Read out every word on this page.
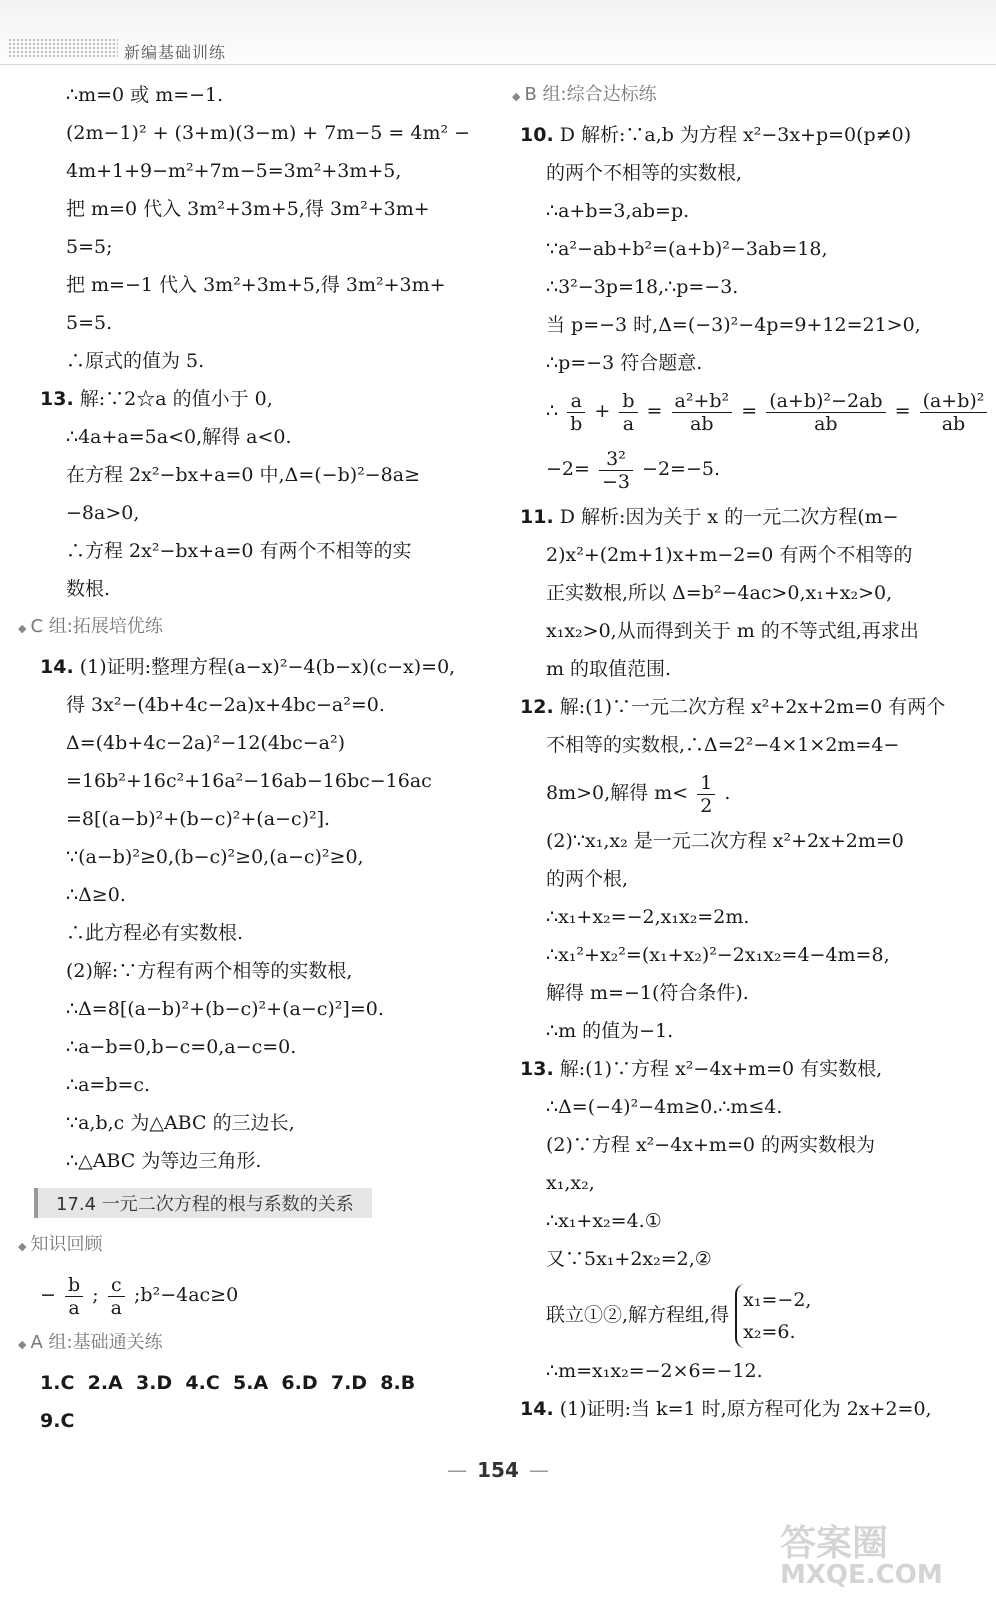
新编基础训练
∴m=0 或 m=−1.
(2m−1)² + (3+m)(3−m) + 7m−5 = 4m² −
4m+1+9−m²+7m−5=3m²+3m+5,
把 m=0 代入 3m²+3m+5,得 3m²+3m+
5=5;
把 m=−1 代入 3m²+3m+5,得 3m²+3m+
5=5.
∴原式的值为 5.
13. 解:∵2☆a 的值小于 0,
∴4a+a=5a<0,解得 a<0.
在方程 2x²−bx+a=0 中,Δ=(−b)²−8a≥
−8a>0,
∴方程 2x²−bx+a=0 有两个不相等的实
数根.
◆ C 组:拓展培优练
14. (1)证明:整理方程(a−x)²−4(b−x)(c−x)=0,
得 3x²−(4b+4c−2a)x+4bc−a²=0.
Δ=(4b+4c−2a)²−12(4bc−a²)
=16b²+16c²+16a²−16ab−16bc−16ac
=8[(a−b)²+(b−c)²+(a−c)²].
∵(a−b)²≥0,(b−c)²≥0,(a−c)²≥0,
∴Δ≥0.
∴此方程必有实数根.
(2)解:∵方程有两个相等的实数根,
∴Δ=8[(a−b)²+(b−c)²+(a−c)²]=0.
∴a−b=0,b−c=0,a−c=0.
∴a=b=c.
∵a,b,c 为△ABC 的三边长,
∴△ABC 为等边三角形.
17.4 一元二次方程的根与系数的关系
◆ 知识回顾
− $\frac{b}{a}$ ; $\frac{c}{a}$ ;b²−4ac≥0
◆ A 组:基础通关练
1.C  2.A  3.D  4.C  5.A  6.D  7.D  8.B
9.C
◆ B 组:综合达标练
10. D 解析:∵a,b 为方程 x²−3x+p=0(p≠0)
的两个不相等的实数根,
∴a+b=3,ab=p.
∵a²−ab+b²=(a+b)²−3ab=18,
∴3²−3p=18,∴p=−3.
当 p=−3 时,Δ=(−3)²−4p=9+12=21>0,
∴p=−3 符合题意.
∴ $\frac{a}{b} + \frac{b}{a} = \frac{\text{a²+b²}}{ab} = \frac{\text{(a+b)²−2ab}}{ab} = \frac{\text{(a+b)²}}{ab}$
$-2= \frac{\text{3²}}{-3} -2=-5$.
11. D 解析:因为关于 x 的一元二次方程(m−
2)x²+(2m+1)x+m−2=0 有两个不相等的
正实数根,所以 Δ=b²−4ac>0,x₁+x₂>0,
x₁x₂>0,从而得到关于 m 的不等式组,再求出
m 的取值范围.
12. 解:(1)∵一元二次方程 x²+2x+2m=0 有两个
不相等的实数根,∴Δ=2²−4×1×2m=4−
8m>0,解得 $m< \frac{1}{2}$ .
(2)∵x₁,x₂ 是一元二次方程 x²+2x+2m=0
的两个根,
∴x₁+x₂=−2,x₁x₂=2m.
∴x₁²+x₂²=(x₁+x₂)²−2x₁x₂=4−4m=8,
解得 m=−1(符合条件).
∴m 的值为−1.
13. 解:(1)∵方程 x²−4x+m=0 有实数根,
∴Δ=(−4)²−4m≥0.∴m≤4.
(2)∵方程 x²−4x+m=0 的两实数根为
x₁,x₂,
∴x₁+x₂=4.①
又∵5x₁+2x₂=2,②
联立①②,解方程组,得
x₁=−2,
x₂=6.
∴m=x₁x₂=−2×6=−12.
14. (1)证明:当 k=1 时,原方程可化为 2x+2=0,
— 154 —
答案圈
MXQE.COM
